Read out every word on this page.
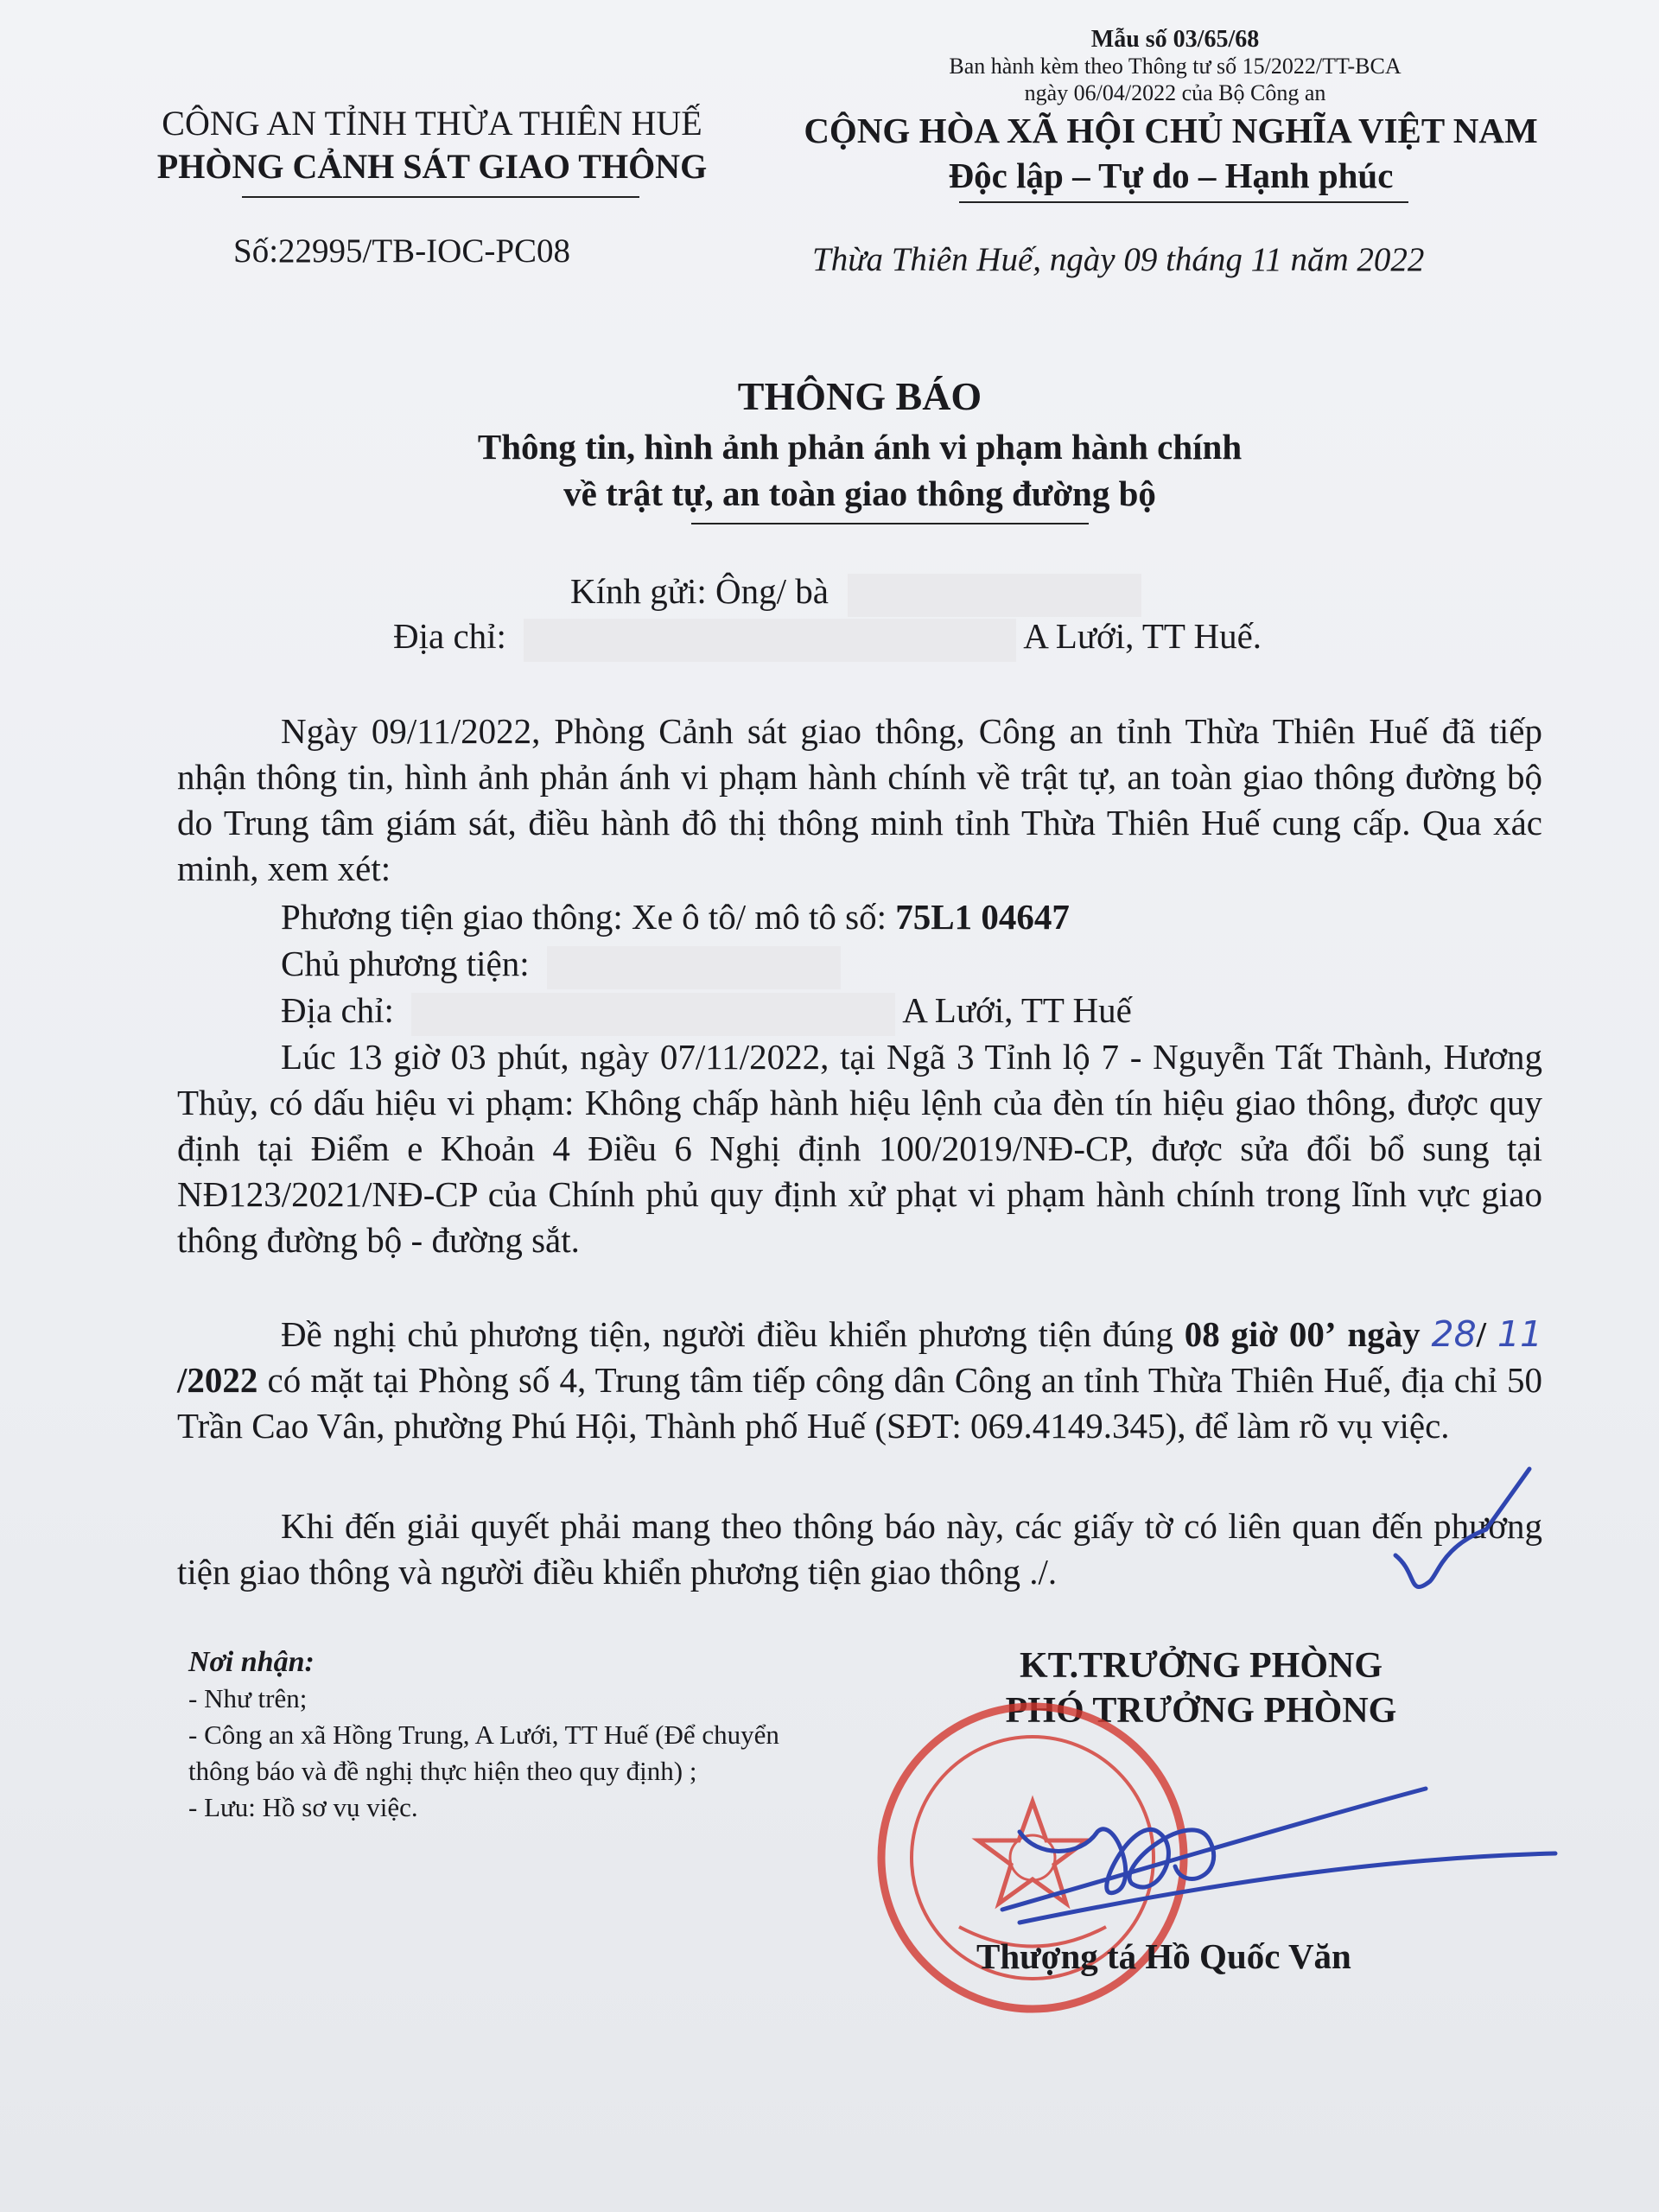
Mẫu số 03/65/68
Ban hành kèm theo Thông tư số 15/2022/TT-BCA
ngày 06/04/2022 của Bộ Công an
CÔNG AN TỈNH THỪA THIÊN HUẾ
PHÒNG CẢNH SÁT GIAO THÔNG
CỘNG HÒA XÃ HỘI CHỦ NGHĨA VIỆT NAM
Độc lập – Tự do – Hạnh phúc
Số:22995/TB-IOC-PC08	Thừa Thiên Huế, ngày 09 tháng 11 năm 2022
THÔNG BÁO
Thông tin, hình ảnh phản ánh vi phạm hành chính
về trật tự, an toàn giao thông đường bộ
Kính gửi: Ông/ bà
Địa chỉ:	A Lưới, TT Huế.
Ngày 09/11/2022, Phòng Cảnh sát giao thông, Công an tỉnh Thừa Thiên Huế đã tiếp nhận thông tin, hình ảnh phản ánh vi phạm hành chính về trật tự, an toàn giao thông đường bộ do Trung tâm giám sát, điều hành đô thị thông minh tỉnh Thừa Thiên Huế cung cấp. Qua xác minh, xem xét:
Phương tiện giao thông: Xe ô tô/ mô tô số: 75L1 04647
Chủ phương tiện:
Địa chỉ:	A Lưới, TT Huế
Lúc 13 giờ 03 phút, ngày 07/11/2022, tại Ngã 3 Tỉnh lộ 7 - Nguyễn Tất Thành, Hương Thủy, có dấu hiệu vi phạm: Không chấp hành hiệu lệnh của đèn tín hiệu giao thông, được quy định tại Điểm e Khoản 4 Điều 6 Nghị định 100/2019/NĐ-CP, được sửa đổi bổ sung tại NĐ123/2021/NĐ-CP của Chính phủ quy định xử phạt vi phạm hành chính trong lĩnh vực giao thông đường bộ - đường sắt.
Đề nghị chủ phương tiện, người điều khiển phương tiện đúng 08 giờ 00’ ngày 28/ 11 /2022 có mặt tại Phòng số 4, Trung tâm tiếp công dân Công an tỉnh Thừa Thiên Huế, địa chỉ 50 Trần Cao Vân, phường Phú Hội, Thành phố Huế (SĐT: 069.4149.345), để làm rõ vụ việc.
Khi đến giải quyết phải mang theo thông báo này, các giấy tờ có liên quan đến phương tiện giao thông và người điều khiển phương tiện giao thông ./.
Nơi nhận:
- Như trên;
- Công an xã Hồng Trung, A Lưới, TT Huế (Để chuyển thông báo và đề nghị thực hiện theo quy định) ;
- Lưu: Hồ sơ vụ việc.
KT.TRƯỞNG PHÒNG
PHÓ TRƯỞNG PHÒNG
Thượng tá Hồ Quốc Văn
